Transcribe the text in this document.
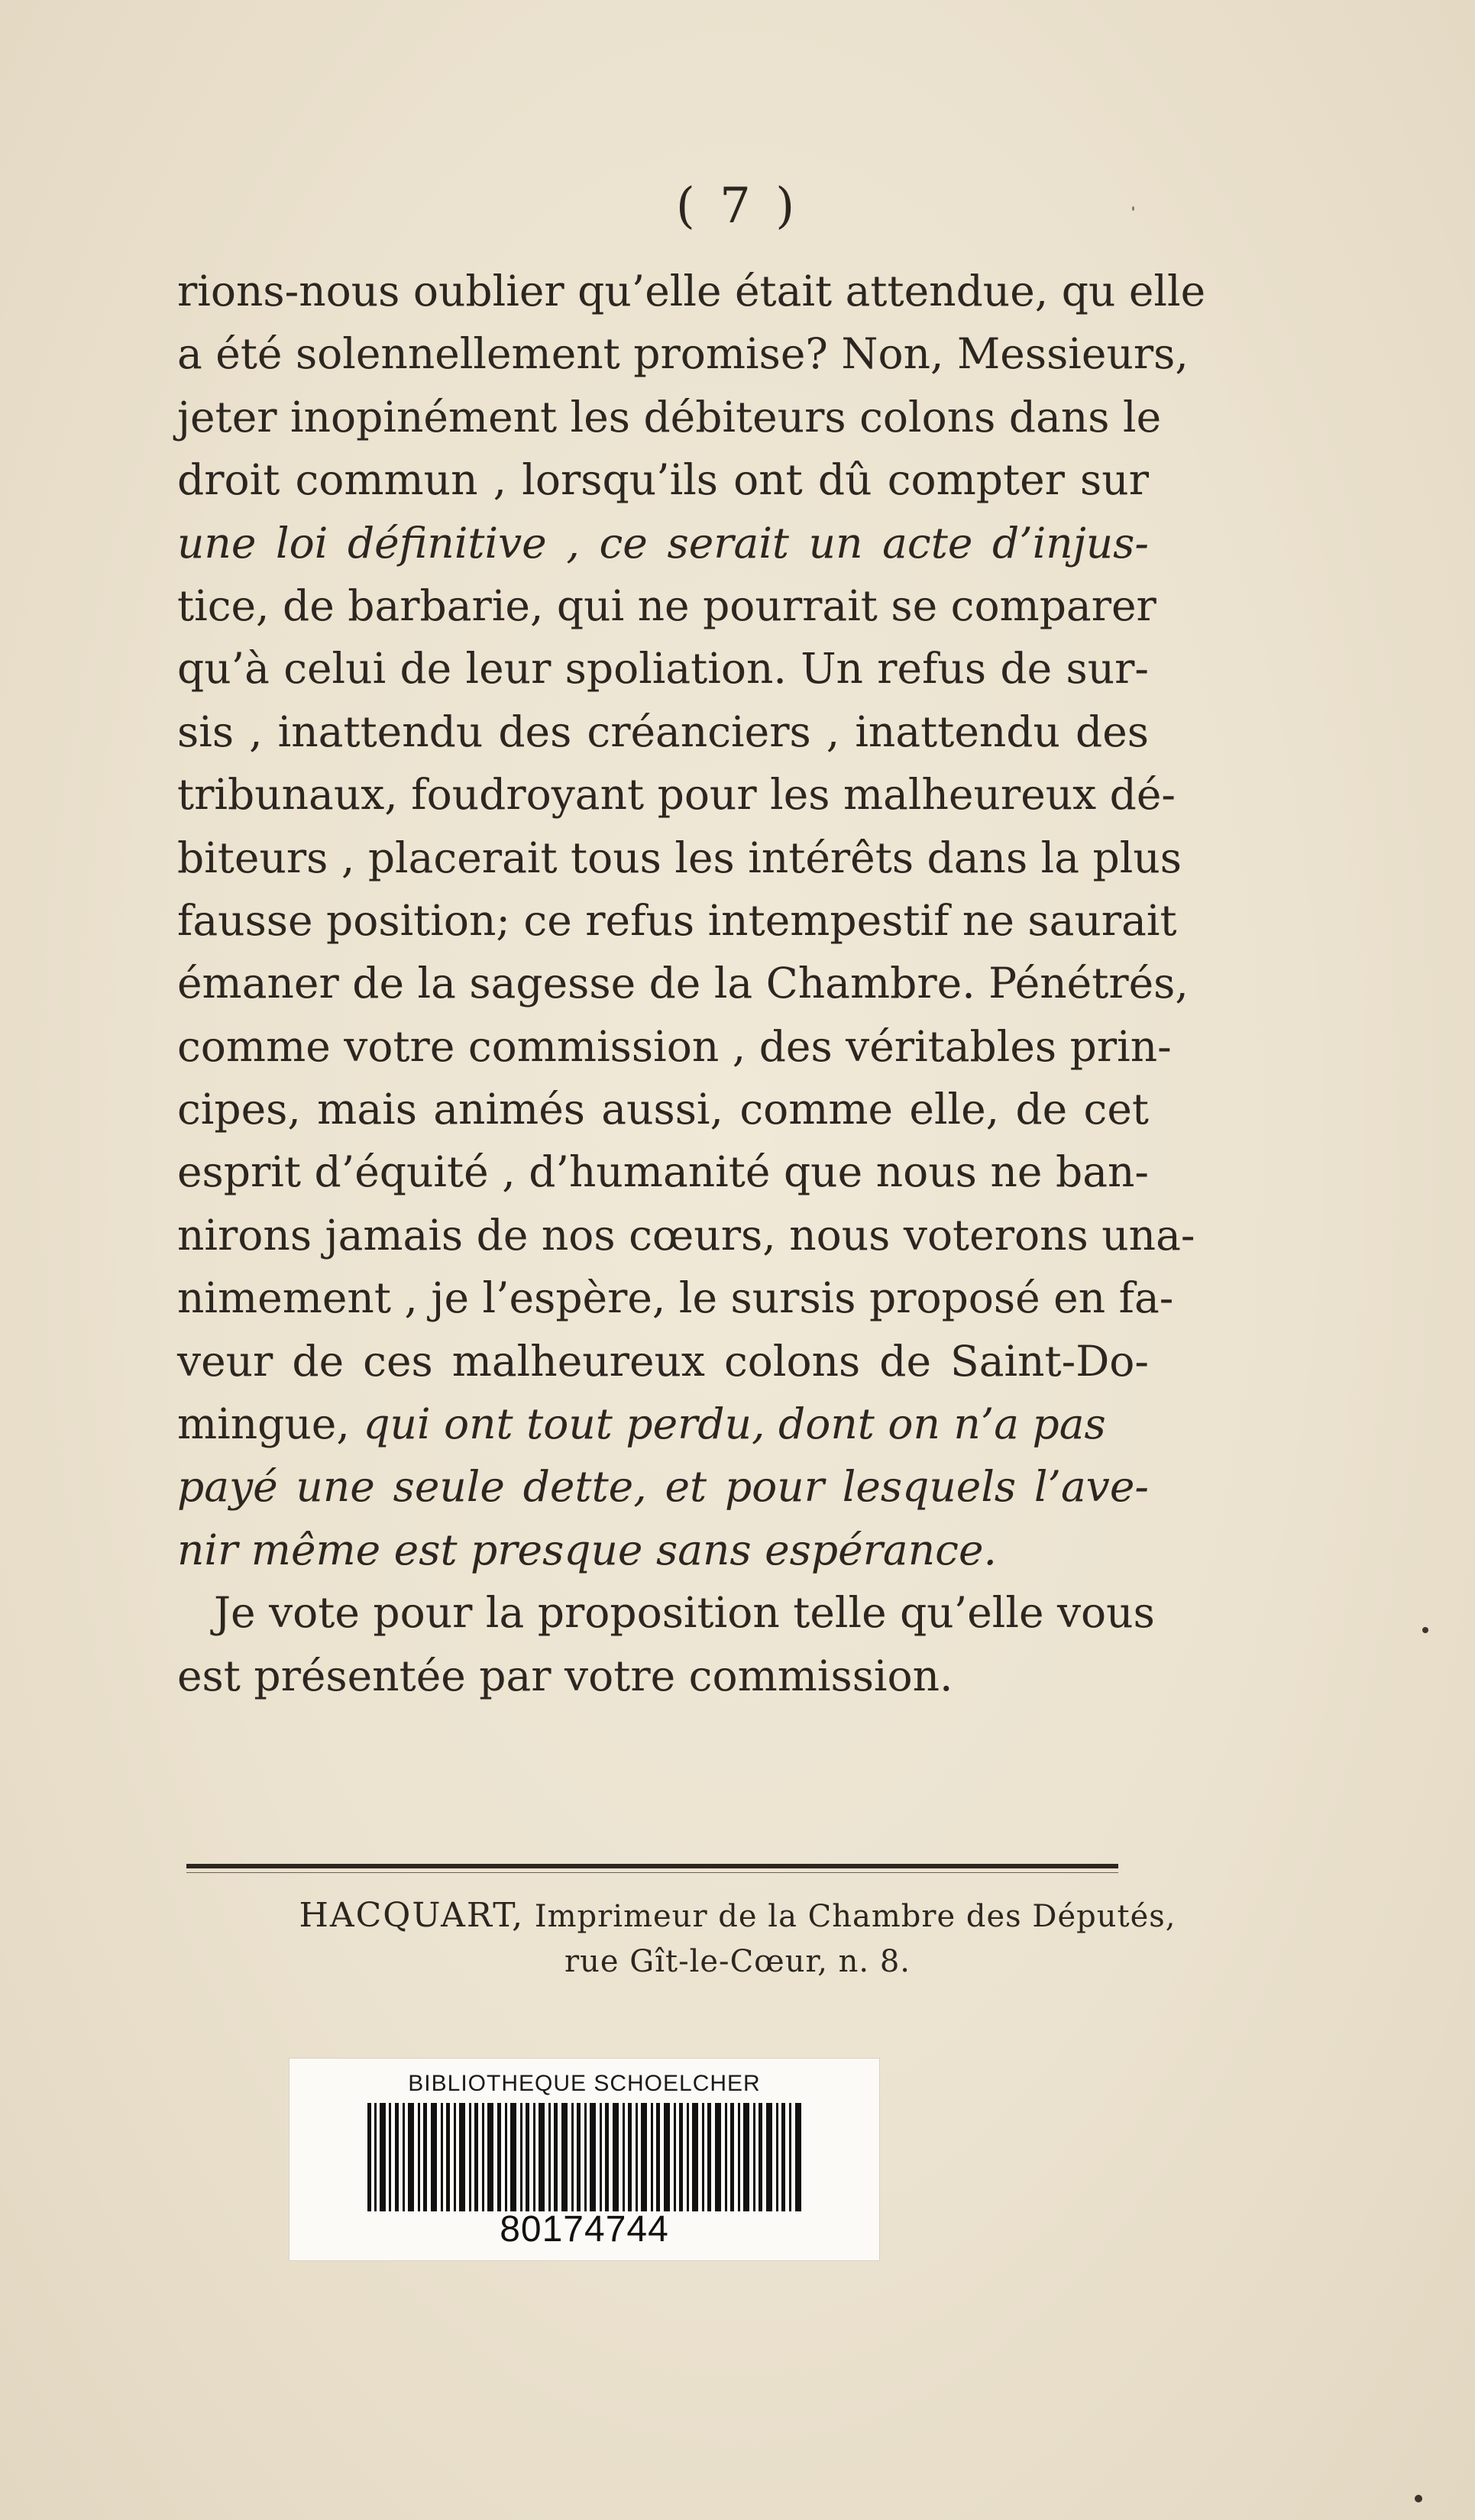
( 7 )
rions-nous oublier qu’elle était attendue, qu elle
a été solennellement promise? Non, Messieurs,
jeter inopinément les débiteurs colons dans le
droit commun , lorsqu’ils ont dû compter sur
une loi définitive , ce serait un acte d’injus-
tice, de barbarie, qui ne pourrait se comparer
qu’à celui de leur spoliation. Un refus de sur-
sis , inattendu des créanciers , inattendu des
tribunaux, foudroyant pour les malheureux dé-
biteurs , placerait tous les intérêts dans la plus
fausse position; ce refus intempestif ne saurait
émaner de la sagesse de la Chambre. Pénétrés,
comme votre commission , des véritables prin-
cipes, mais animés aussi, comme elle, de cet
esprit d’équité , d’humanité que nous ne ban-
nirons jamais de nos cœurs, nous voterons una-
nimement , je l’espère, le sursis proposé en fa-
veur de ces malheureux colons de Saint-Do-
mingue, qui ont tout perdu, dont on n’a pas
payé une seule dette, et pour lesquels l’ave-
nir même est presque sans espérance.
Je vote pour la proposition telle qu’elle vous
est présentée par votre commission.
HACQUART, Imprimeur de la Chambre des Députés,
rue Gît-le-Cœur, n. 8.
BIBLIOTHEQUE SCHOELCHER
80174744
